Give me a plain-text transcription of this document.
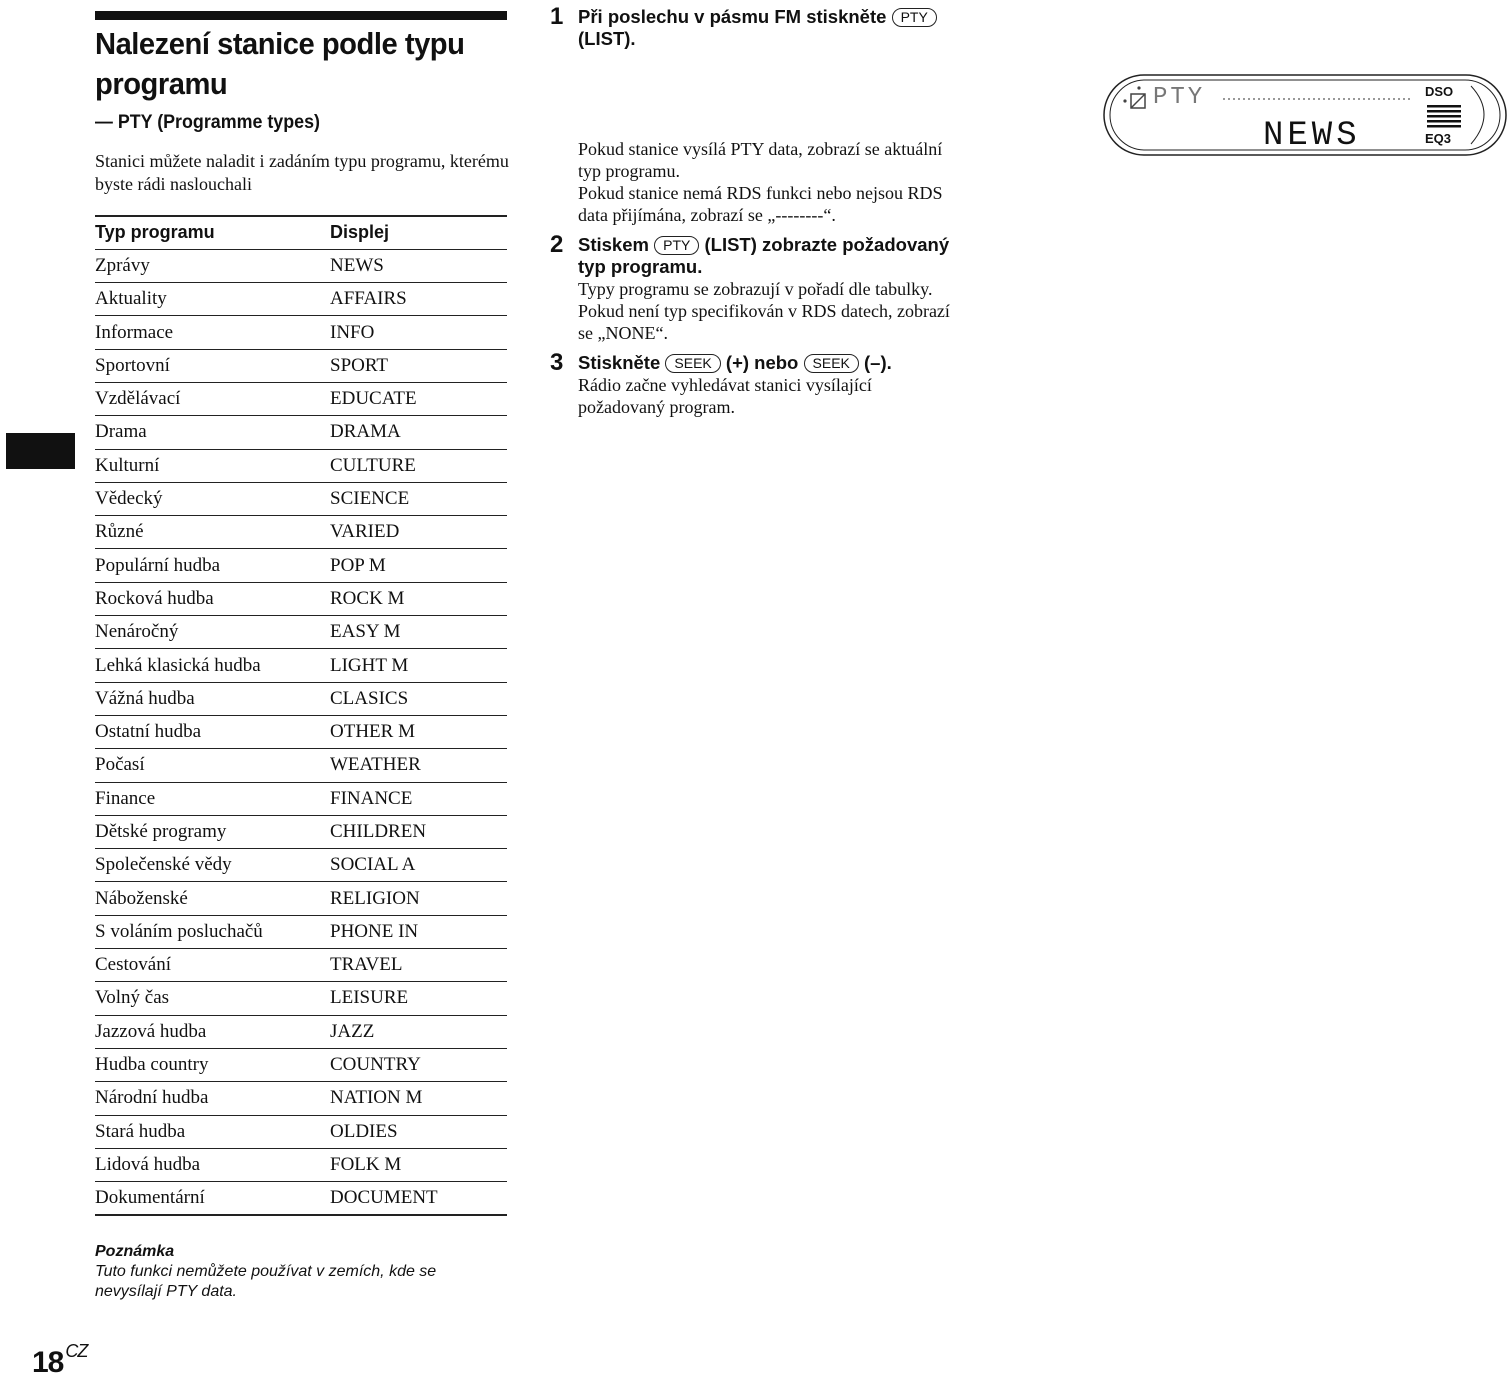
Nalezení stanice podle typu programu
— PTY (Programme types)
Stanici můžete naladit i zadáním typu programu, kterému byste rádi naslouchali
Typ programu	Displej
Zprávy	NEWS
Aktuality	AFFAIRS
Informace	INFO
Sportovní	SPORT
Vzdělávací	EDUCATE
Drama	DRAMA
Kulturní	CULTURE
Vědecký	SCIENCE
Různé	VARIED
Populární hudba	POP M
Rocková hudba	ROCK M
Nenáročný	EASY M
Lehká klasická hudba	LIGHT M
Vážná hudba	CLASICS
Ostatní hudba	OTHER M
Počasí	WEATHER
Finance	FINANCE
Dětské programy	CHILDREN
Společenské vědy	SOCIAL A
Náboženské	RELIGION
S voláním posluchačů	PHONE IN
Cestování	TRAVEL
Volný čas	LEISURE
Jazzová hudba	JAZZ
Hudba country	COUNTRY
Národní hudba	NATION M
Stará hudba	OLDIES
Lidová hudba	FOLK M
Dokumentární	DOCUMENT
Poznámka
Tuto funkci nemůžete používat v zemích, kde se nevysílají PTY data.
18 $^{CZ}$
1 Při poslechu v pásmu FM stiskněte PTY (LIST).
PTY
NEWS
DSO
EQ3
Pokud stanice vysílá PTY data, zobrazí se aktuální typ programu.
Pokud stanice nemá RDS funkci nebo nejsou RDS data přijímána, zobrazí se „--------“.
2 Stiskem PTY (LIST) zobrazte požadovaný typ programu.
Typy programu se zobrazují v pořadí dle tabulky.
Pokud není typ specifikován v RDS datech, zobrazí se „NONE“.
3 Stiskněte SEEK (+) nebo SEEK (–).
Rádio začne vyhledávat stanici vysílající požadovaný program.
